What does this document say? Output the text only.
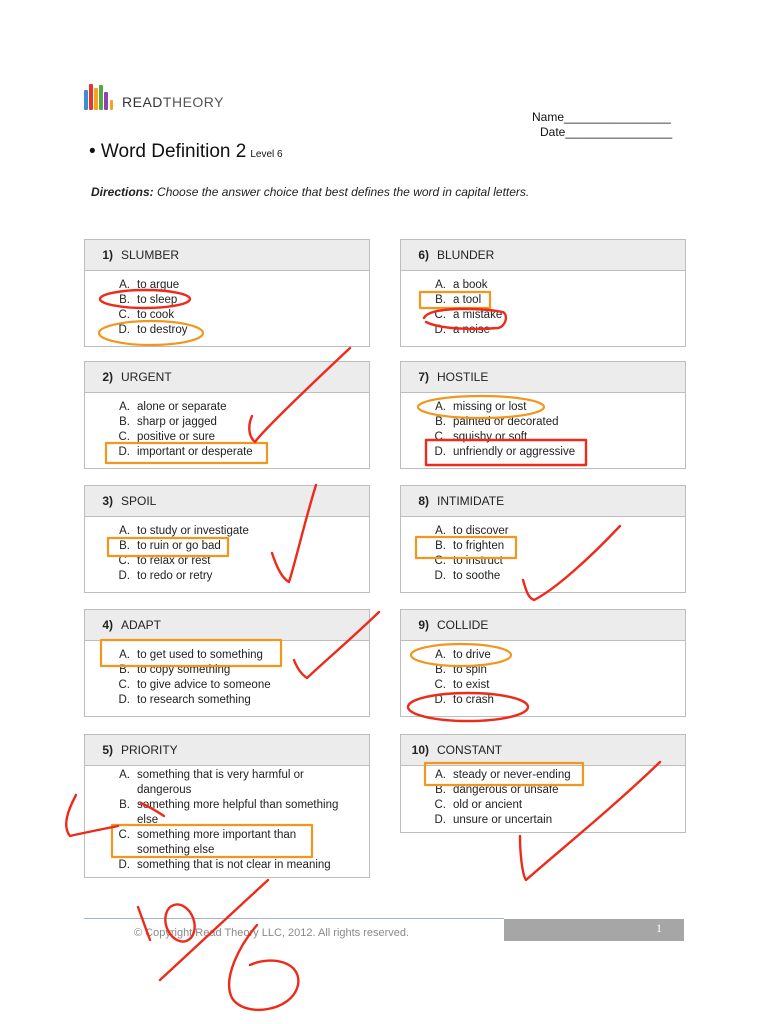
READTHEORY
Name________________
Date________________
• Word Definition 2 Level 6
Directions: Choose the answer choice that best defines the word in capital letters.
1) SLUMBER
A. to argue
B. to sleep
C. to cook
D. to destroy
2) URGENT
A. alone or separate
B. sharp or jagged
C. positive or sure
D. important or desperate
3) SPOIL
A. to study or investigate
B. to ruin or go bad
C. to relax or rest
D. to redo or retry
4) ADAPT
A. to get used to something
B. to copy something
C. to give advice to someone
D. to research something
5) PRIORITY
A. something that is very harmful or
dangerous
B. something more helpful than something
else
C. something more important than
something else
D. something that is not clear in meaning
6) BLUNDER
A. a book
B. a tool
C. a mistake
D. a noise
7) HOSTILE
A. missing or lost
B. painted or decorated
C. squishy or soft
D. unfriendly or aggressive
8) INTIMIDATE
A. to discover
B. to frighten
C. to instruct
D. to soothe
9) COLLIDE
A. to drive
B. to spin
C. to exist
D. to crash
10) CONSTANT
A. steady or never-ending
B. dangerous or unsafe
C. old or ancient
D. unsure or uncertain
© Copyright Read Theory LLC, 2012. All rights reserved.	1
